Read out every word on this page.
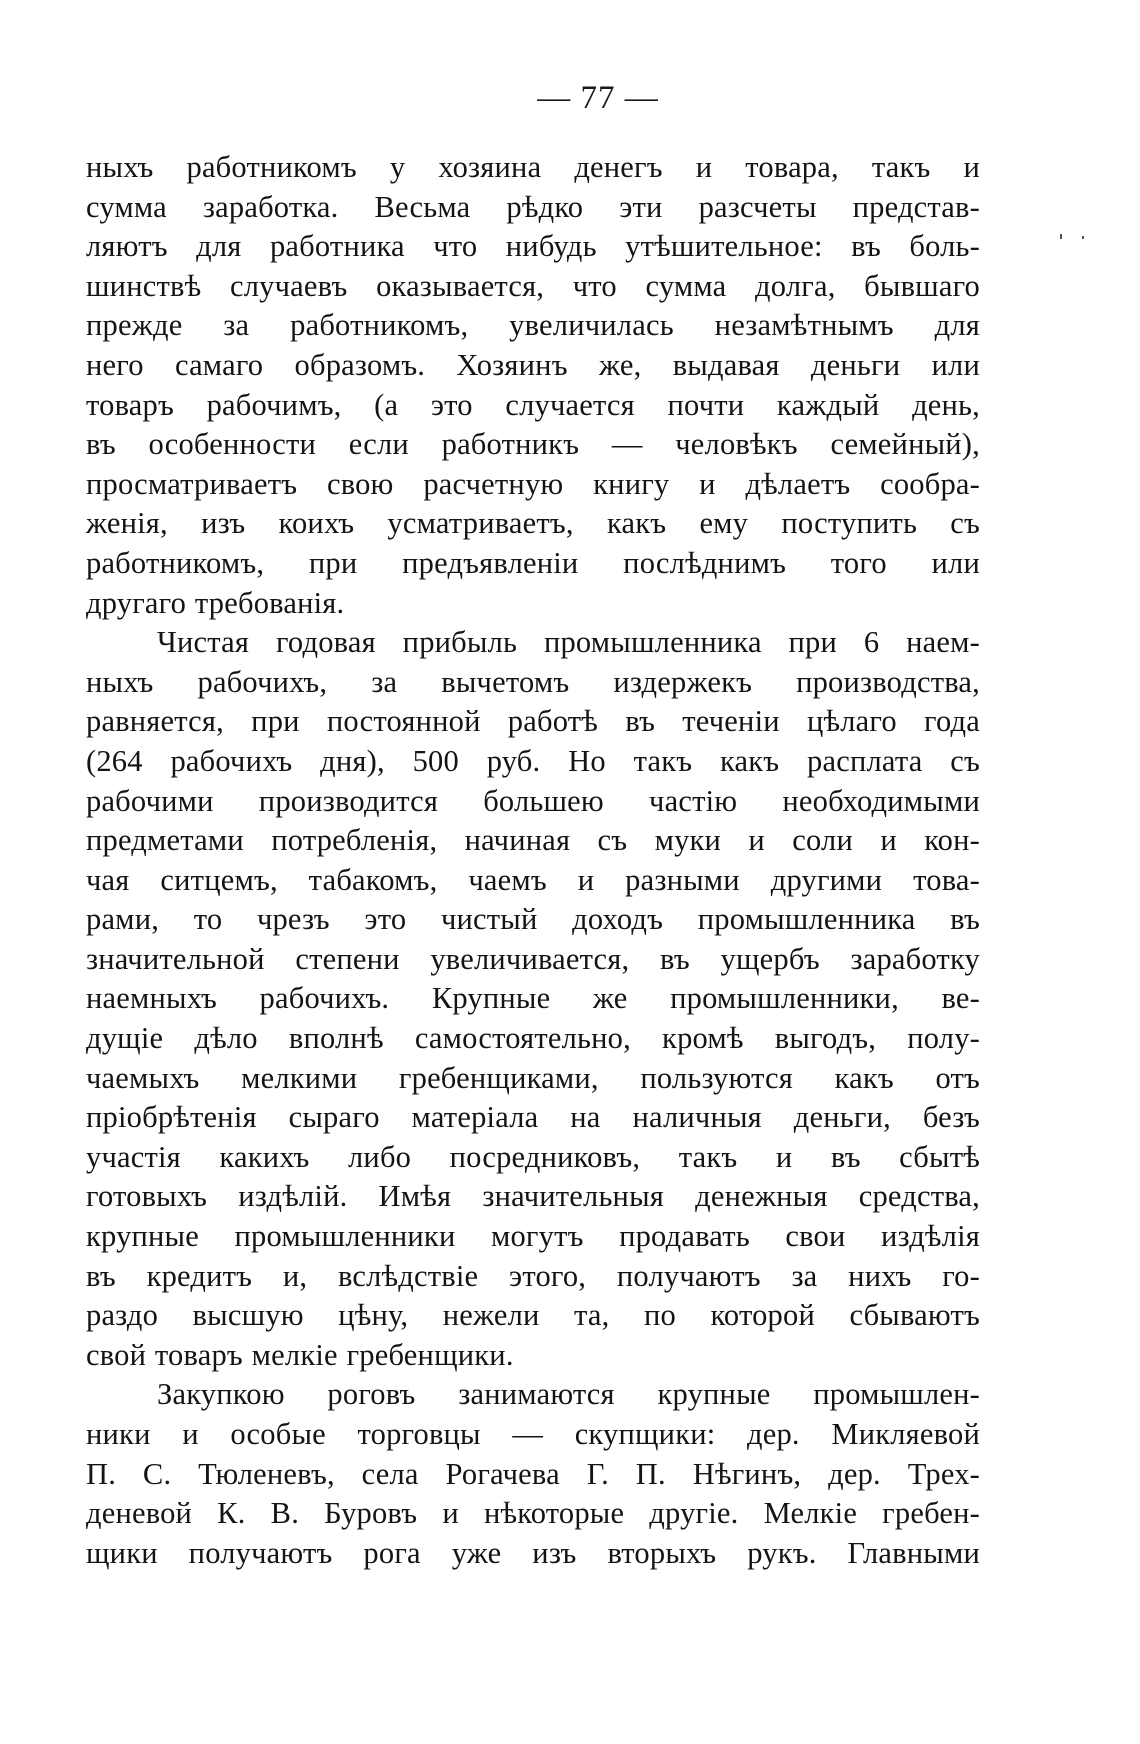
— 77 —
ныхъ работникомъ у хозяина денегъ и товара, такъ и
сумма заработка. Весьма рѣдко эти разсчеты представ-
ляютъ для работника что нибудь утѣшительное: въ боль-
шинствѣ случаевъ оказывается, что сумма долга, бывшаго
прежде за работникомъ, увеличилась незамѣтнымъ для
него самаго образомъ. Хозяинъ же, выдавая деньги или
товаръ рабочимъ, (а это случается почти каждый день,
въ особенности если работникъ — человѣкъ семейный),
просматриваетъ свою расчетную книгу и дѣлаетъ сообра-
женія, изъ коихъ усматриваетъ, какъ ему поступить съ
работникомъ, при предъявленіи послѣднимъ того или
другаго требованія.
Чистая годовая прибыль промышленника при 6 наем-
ныхъ рабочихъ, за вычетомъ издержекъ производства,
равняется, при постоянной работѣ въ теченіи цѣлаго года
(264 рабочихъ дня), 500 руб. Но такъ какъ расплата съ
рабочими производится большею частію необходимыми
предметами потребленія, начиная съ муки и соли и кон-
чая ситцемъ, табакомъ, чаемъ и разными другими това-
рами, то чрезъ это чистый доходъ промышленника въ
значительной степени увеличивается, въ ущербъ заработку
наемныхъ рабочихъ. Крупные же промышленники, ве-
дущіе дѣло вполнѣ самостоятельно, кромѣ выгодъ, полу-
чаемыхъ мелкими гребенщиками, пользуются какъ отъ
пріобрѣтенія сыраго матеріала на наличныя деньги, безъ
участія какихъ либо посредниковъ, такъ и въ сбытѣ
готовыхъ издѣлій. Имѣя значительныя денежныя средства,
крупные промышленники могутъ продавать свои издѣлія
въ кредитъ и, вслѣдствіе этого, получаютъ за нихъ го-
раздо высшую цѣну, нежели та, по которой сбываютъ
свой товаръ мелкіе гребенщики.
Закупкою роговъ занимаются крупные промышлен-
ники и особые торговцы — скупщики: дер. Микляевой
П. С. Тюленевъ, села Рогачева Г. П. Нѣгинъ, дер. Трех-
деневой К. В. Буровъ и нѣкоторые другіе. Мелкіе гребен-
щики получаютъ рога уже изъ вторыхъ рукъ. Главными
